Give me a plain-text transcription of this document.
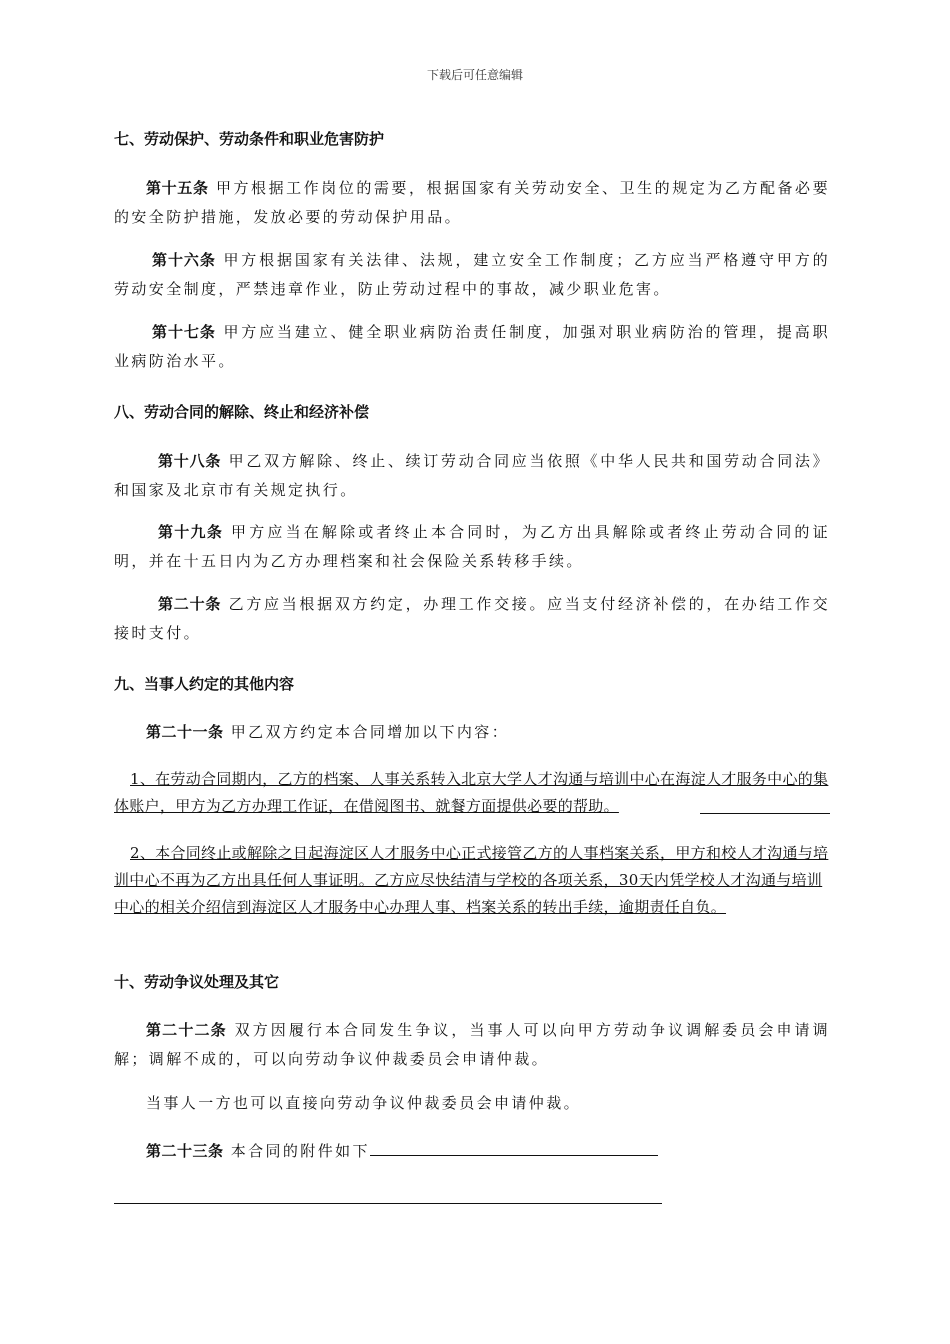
下载后可任意编辑
七、劳动保护、劳动条件和职业危害防护
第十五条 甲方根据工作岗位的需要，根据国家有关劳动安全、卫生的规定为乙方配备必要的安全防护措施，发放必要的劳动保护用品。
第十六条 甲方根据国家有关法律、法规，建立安全工作制度；乙方应当严格遵守甲方的劳动安全制度，严禁违章作业，防止劳动过程中的事故，减少职业危害。
第十七条 甲方应当建立、健全职业病防治责任制度，加强对职业病防治的管理，提高职业病防治水平。
八、劳动合同的解除、终止和经济补偿
第十八条 甲乙双方解除、终止、续订劳动合同应当依照《中华人民共和国劳动合同法》和国家及北京市有关规定执行。
第十九条 甲方应当在解除或者终止本合同时，为乙方出具解除或者终止劳动合同的证明，并在十五日内为乙方办理档案和社会保险关系转移手续。
第二十条 乙方应当根据双方约定，办理工作交接。应当支付经济补偿的，在办结工作交接时支付。
九、当事人约定的其他内容
第二十一条 甲乙双方约定本合同增加以下内容：
1、在劳动合同期内，乙方的档案、人事关系转入北京大学人才沟通与培训中心在海淀人才服务中心的集体账户，甲方为乙方办理工作证，在借阅图书、就餐方面提供必要的帮助。
2、本合同终止或解除之日起海淀区人才服务中心正式接管乙方的人事档案关系，甲方和校人才沟通与培训中心不再为乙方出具任何人事证明。乙方应尽快结清与学校的各项关系，30天内凭学校人才沟通与培训中心的相关介绍信到海淀区人才服务中心办理人事、档案关系的转出手续，逾期责任自负。
十、劳动争议处理及其它
第二十二条 双方因履行本合同发生争议，当事人可以向甲方劳动争议调解委员会申请调解；调解不成的，可以向劳动争议仲裁委员会申请仲裁。
当事人一方也可以直接向劳动争议仲裁委员会申请仲裁。
第二十三条 本合同的附件如下
